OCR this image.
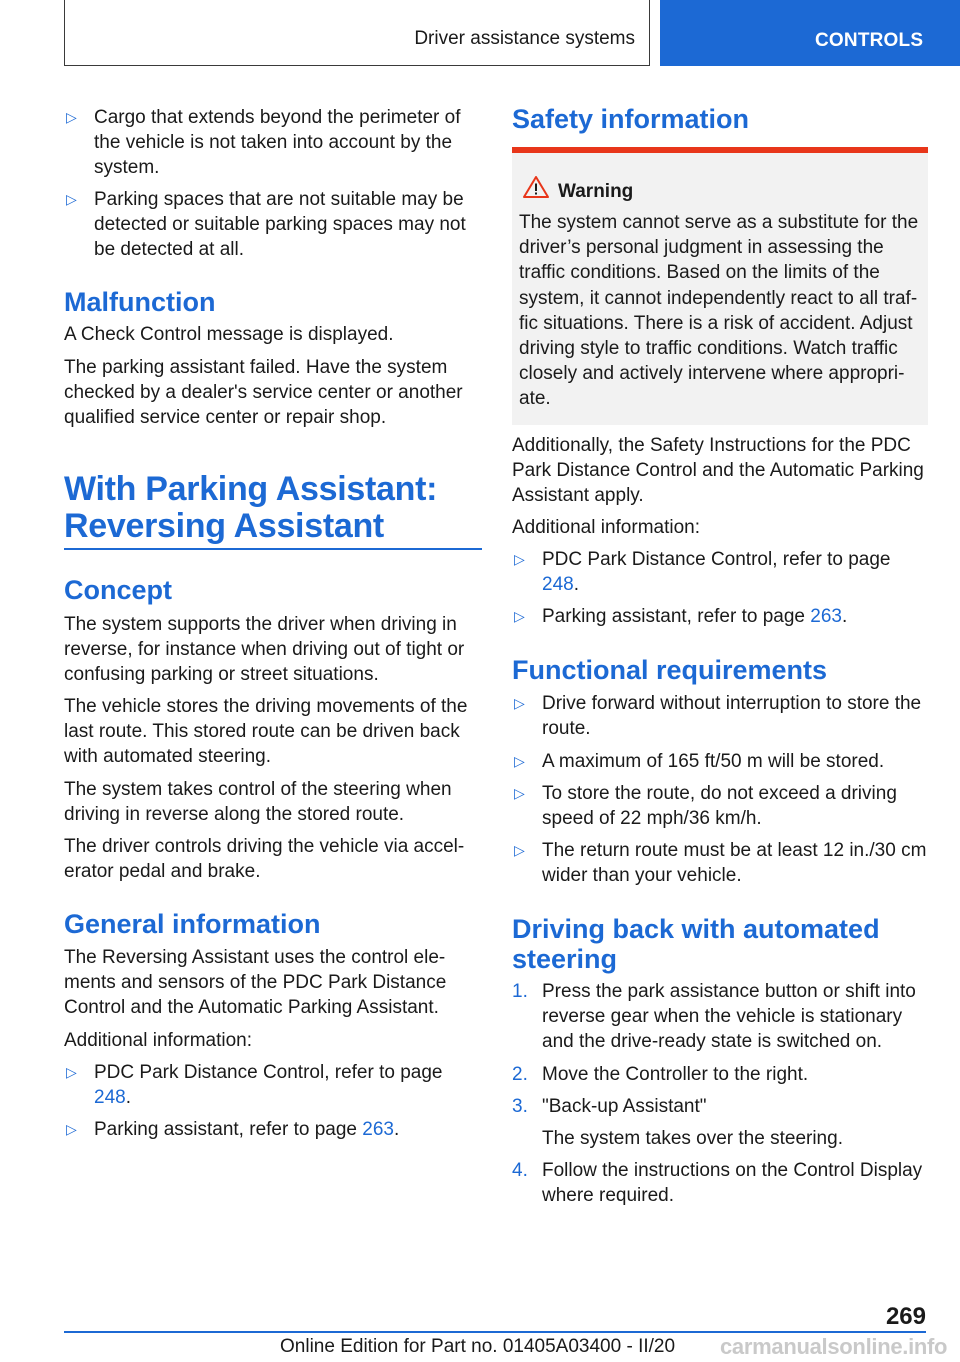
Driver assistance systems	CONTROLS
▷ Cargo that extends beyond the perimeter of the vehicle is not taken into account by the system.
▷ Parking spaces that are not suitable may be detected or suitable parking spaces may not be detected at all.
Malfunction

A Check Control message is displayed.

The parking assistant failed. Have the system checked by a dealer's service center or another qualified service center or repair shop.

With Parking Assistant:
Reversing Assistant
Concept

The system supports the driver when driving in reverse, for instance when driving out of tight or confusing parking or street situations.

The vehicle stores the driving movements of the last route. This stored route can be driven back with automated steering.

The system takes control of the steering when driving in reverse along the stored route.

The driver controls driving the vehicle via accel‐erator pedal and brake.

General information

The Reversing Assistant uses the control ele‐ments and sensors of the PDC Park Distance Control and the Automatic Parking Assistant.

Additional information:

▷ PDC Park Distance Control, refer to page 248.
▷ Parking assistant, refer to page 263.
Safety information
Warning
The system cannot serve as a substitute for the driver’s personal judgment in assessing the traffic conditions. Based on the limits of the system, it cannot independently react to all traf‐fic situations. There is a risk of accident. Adjust driving style to traffic conditions. Watch traffic closely and actively intervene where appropri‐ate.

Additionally, the Safety Instructions for the PDC Park Distance Control and the Automatic Parking Assistant apply.

Additional information:

▷ PDC Park Distance Control, refer to page 248.
▷ Parking assistant, refer to page 263.
Functional requirements
▷ Drive forward without interruption to store the route.
▷ A maximum of 165 ft/50 m will be stored.
▷ To store the route, do not exceed a driving speed of 22 mph/36 km/h.
▷ The return route must be at least 12 in./30 cm wider than your vehicle.
Driving back with automated
steering
1. Press the park assistance button or shift into reverse gear when the vehicle is stationary and the drive-ready state is switched on.
2. Move the Controller to the right.
3. "Back-up Assistant"

The system takes over the steering.

4. Follow the instructions on the Control Display where required.
269
Online Edition for Part no. 01405A03400 - II/20 carmanualsonline.info
